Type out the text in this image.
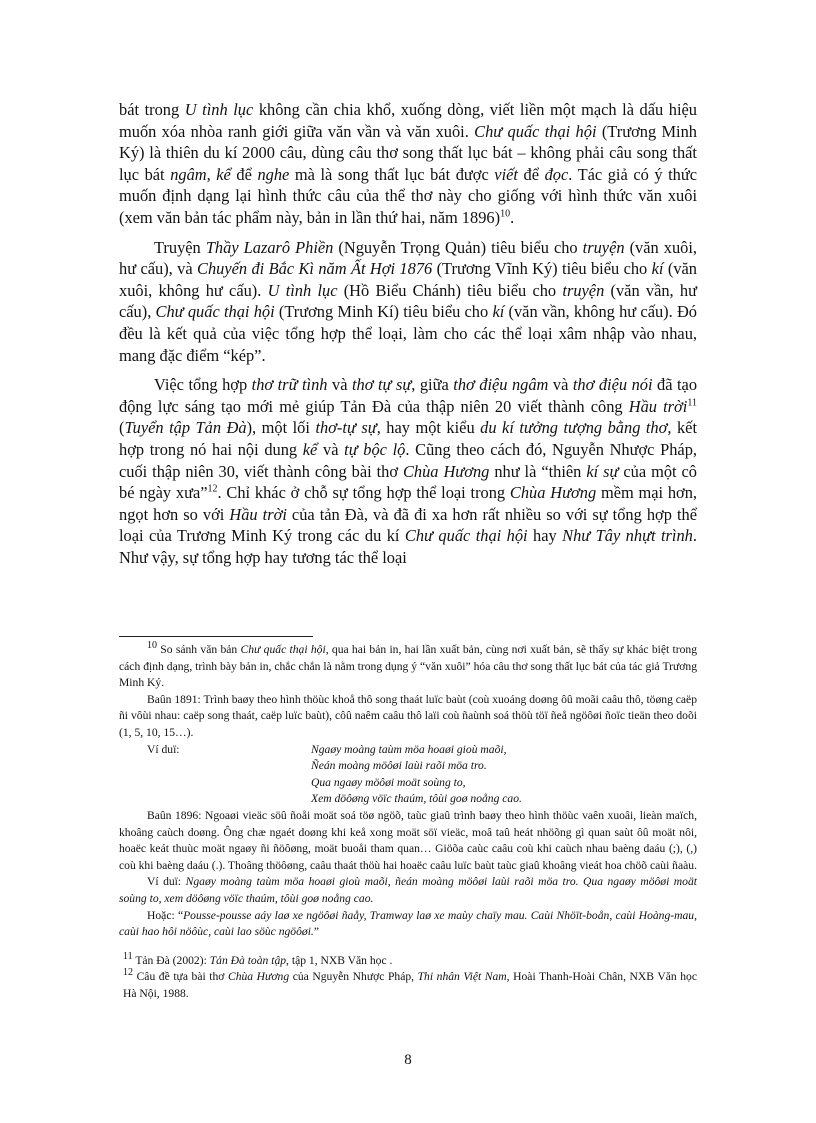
bát trong U tình lục không cần chia khổ, xuống dòng, viết liền một mạch là dấu hiệu muốn xóa nhòa ranh giới giữa văn vần và văn xuôi. Chư quấc thại hội (Trương Minh Ký) là thiên du kí 2000 câu, dùng câu thơ song thất lục bát – không phải câu song thất lục bát ngâm, kể để nghe mà là song thất lục bát được viết để đọc. Tác giả có ý thức muốn định dạng lại hình thức câu của thể thơ này cho giống với hình thức văn xuôi (xem văn bản tác phẩm này, bản in lần thứ hai, năm 1896)$^{10}$.

Truyện Thầy Lazarô Phiền (Nguyễn Trọng Quản) tiêu biểu cho truyện (văn xuôi, hư cấu), và Chuyến đi Bắc Kì năm Ất Hợi 1876 (Trương Vĩnh Ký) tiêu biểu cho kí (văn xuôi, không hư cấu). U tình lục (Hồ Biểu Chánh) tiêu biểu cho truyện (văn vần, hư cấu), Chư quấc thại hội (Trương Minh Kí) tiêu biểu cho kí (văn vần, không hư cấu). Đó đều là kết quả của việc tổng hợp thể loại, làm cho các thể loại xâm nhập vào nhau, mang đặc điểm “kép”.

Việc tổng hợp thơ trữ tình và thơ tự sự, giữa thơ điệu ngâm và thơ điệu nói đã tạo động lực sáng tạo mới mẻ giúp Tản Đà của thập niên 20 viết thành công Hầu trời$^{11}$ (Tuyển tập Tản Đà), một lối thơ-tự sự, hay một kiểu du kí tưởng tượng bằng thơ, kết hợp trong nó hai nội dung kể và tự bộc lộ. Cũng theo cách đó, Nguyễn Nhược Pháp, cuối thập niên 30, viết thành công bài thơ Chùa Hương như là “thiên kí sự của một cô bé ngày xưa”$^{12}$. Chỉ khác ở chỗ sự tổng hợp thể loại trong Chùa Hương mềm mại hơn, ngọt hơn so với Hầu trời của tản Đà, và đã đi xa hơn rất nhiều so với sự tổng hợp thể loại của Trương Minh Ký trong các du kí Chư quấc thại hội hay Như Tây nhựt trình. Như vậy, sự tổng hợp hay tương tác thể loại

$^{10}$ So sánh văn bản Chư quấc thại hội, qua hai bản in, hai lần xuất bản, cùng nơi xuất bản, sẽ thấy sự khác biệt trong cách định dạng, trình bày bản in, chắc chắn là nằm trong dụng ý “văn xuôi” hóa câu thơ song thất lục bát của tác giả Trương Minh Ký.

Baûn 1891: Trình baøy theo hình thöùc khoå thô song thaát luïc baùt (coù xuoáng doøng ôû moãi caâu thô, töøng caëp ñi vôùi nhau: caëp song thaát, caëp luïc baùt), côû naêm caâu thô laïi coù ñaùnh soá thöù töï ñeå ngöôøi ñoïc tieän theo doõi (1, 5, 10, 15…).

Ví duï:	Ngaøy moàng taùm möa hoaøi gioù maõi,
Ñeán moàng möôøi laùi raõi möa tro.
Qua ngaøy möôøi moät soùng to,
Xem döôøng vöïc thaúm, tôùi goø noång cao.

Baûn 1896: Ngoaøi vieäc söû ñoåi moät soá töø ngöõ, taùc giaû trình baøy theo hình thöùc vaên xuoâi, lieàn maïch, khoâng caùch doøng. Ông chæ ngaét doøng khi keå xong moät söï vieäc, moâ taû heát nhöõng gì quan saùt ôû moät nôi, hoaëc keát thuùc moät ngaøy ñi ñöôøng, moät buoåi tham quan… Giöõa caùc caâu coù khi caùch nhau baèng daáu (;), (,) coù khi baèng daáu (.). Thoâng thöôøng, caâu thaát thöù hai hoaëc caâu luïc baùt taùc giaû khoâng vieát hoa chöõ caùi ñaàu.

Ví duï: Ngaøy moàng taùm möa hoaøi gioù maõi, ñeán moàng möôøi laùi raõi möa tro. Qua ngaøy möôøi moät soùng to, xem döôøng vöïc thaúm, tôùi goø noång cao.

Hoặc: “Pousse-pousse aáy laø xe ngöôøi ñaåy, Tramway laø xe maùy chaïy mau. Caùi Nhöït-boån, caùi Hoàng-mau, caùi hao hôi nöôùc, caùi lao söùc ngöôøi.”

$^{11}$ Tản Đà (2002): Tản Đà toàn tập, tập 1, NXB Văn học .

$^{12}$ Câu đề tựa bài thơ Chùa Hương của Nguyễn Nhược Pháp, Thi nhân Việt Nam, Hoài Thanh-Hoài Chân, NXB Văn học Hà Nội, 1988.

8
